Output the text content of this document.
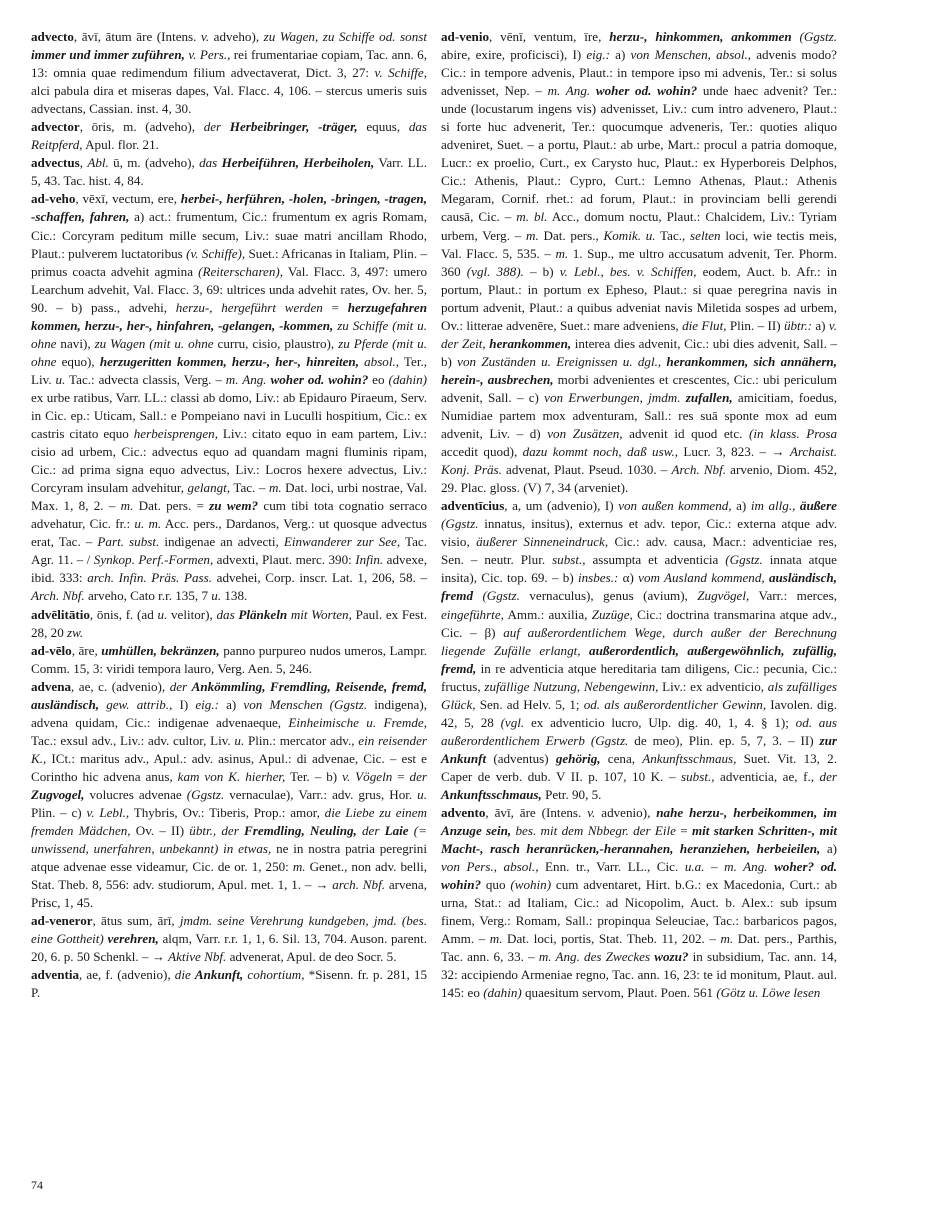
advecto, āvī, ātum āre (Intens. v. adveho), zu Wagen, zu Schiffe od. sonst immer und immer zuführen, v. Pers., rei frumentariae copiam, Tac. ann. 6, 13: omnia quae redimendum filium advectaverat, Dict. 3, 27: v. Schiffe, alci pabula dira et miseras dapes, Val. Flacc. 4, 106. – stercus umeris suis advectans, Cassian. inst. 4, 30.

advector, ōris, m. (adveho), der Herbeibringer, -träger, equus, das Reitpferd, Apul. flor. 21.

advectus, Abl. ū, m. (adveho), das Herbeiführen, Herbeiholen, Varr. LL. 5, 43. Tac. hist. 4, 84.

ad-veho, vēxī, vectum, ere, herbei-, herführen, -holen, -bringen, -tragen, -schaffen, fahren, a) act.: frumentum, Cic.: frumentum ex agris Romam, Cic.: Corcyram peditum mille secum, Liv.: suae matri ancillam Rhodo, Plaut.: pulverem luctatoribus (v. Schiffe), Suet.: Africanas in Italiam, Plin. – primus coacta advehit agmina (Reiterscharen), Val. Flacc. 3, 497: umero Learchum advehit, Val. Flacc. 3, 69: ultrices unda advehit rates, Ov. her. 5, 90. – b) pass., advehi, herzu-, hergeführt werden = herzugefahren kommen, herzu-, her-, hinfahren, -gelangen, -kommen, zu Schiffe (mit u. ohne navi), zu Wagen (mit u. ohne curru, cisio, plaustro), zu Pferde (mit u. ohne equo), herzugeritten kommen, herzu-, her-, hinreiten, absol., Ter., Liv. u. Tac.: advecta classis, Verg. – m. Ang. woher od. wohin? eo (dahin) ex urbe ratibus, Varr. LL.: classi ab domo, Liv.: ab Epidauro Piraeum, Serv. in Cic. ep.: Uticam, Sall.: e Pompeiano navi in Luculli hospitium, Cic.: ex castris citato equo herbeisprengen, Liv.: citato equo in eam partem, Liv.: cisio ad urbem, Cic.: advectus equo ad quandam magni fluminis ripam, Cic.: ad prima signa equo advectus, Liv.: Locros hexere advectus, Liv.: Corcyram insulam advehitur, gelangt, Tac. – m. Dat. loci, urbi nostrae, Val. Max. 1, 8, 2. – m. Dat. pers. = zu wem? cum tibi tota cognatio serraco advehatur, Cic. fr.: u. m. Acc. pers., Dardanos, Verg.: ut quosque advectus erat, Tac. – Part. subst. indigenae an advecti, Einwanderer zur See, Tac. Agr. 11. – / Synkop. Perf.-Formen, advexti, Plaut. merc. 390: Infin. advexe, ibid. 333: arch. Infin. Präs. Pass. advehei, Corp. inscr. Lat. 1, 206, 58. – Arch. Nbf. arveho, Cato r.r. 135, 7 u. 138.

advēlitātio, ōnis, f. (ad u. velitor), das Plänkeln mit Worten, Paul. ex Fest. 28, 20 zw.

ad-vēlo, āre, umhüllen, bekränzen, panno purpureo nudos umeros, Lampr. Comm. 15, 3: viridi tempora lauro, Verg. Aen. 5, 246.

advena, ae, c. (advenio), der Ankömmling, Fremdling, Reisende, fremd, ausländisch, gew. attrib., I) eig.: a) von Menschen (Ggstz. indigena), advena quidam, Cic.: indigenae advenaeque, Einheimische u. Fremde, Tac.: exsul adv., Liv.: adv. cultor, Liv. u. Plin.: mercator adv., ein reisender K., ICt.: maritus adv., Apul.: adv. asinus, Apul.: di advenae, Cic. – est e Corintho hic advena anus, kam von K. hierher, Ter. – b) v. Vögeln = der Zugvogel, volucres advenae (Ggstz. vernaculae), Varr.: adv. grus, Hor. u. Plin. – c) v. Lebl., Thybris, Ov.: Tiberis, Prop.: amor, die Liebe zu einem fremden Mädchen, Ov. – II) übtr., der Fremdling, Neuling, der Laie (= unwissend, unerfahren, unbekannt) in etwas, ne in nostra patria peregrini atque advenae esse videamur, Cic. de or. 1, 250: m. Genet., non adv. belli, Stat. Theb. 8, 556: adv. studiorum, Apul. met. 1, 1. – → arch. Nbf. arvena, Prisc, 1, 45.

ad-veneror, ātus sum, ārī, jmdm. seine Verehrung kundgeben, jmd. (bes. eine Gottheit) verehren, alqm, Varr. r.r. 1, 1, 6. Sil. 13, 704. Auson. parent. 20, 6. p. 50 Schenkl. – → Aktive Nbf. advenerat, Apul. de deo Socr. 5.

adventia, ae, f. (advenio), die Ankunft, cohortium, *Sisenn. fr. p. 281, 15 P.

ad-venio, vēnī, ventum, īre, herzu-, hinkommen, ankommen (Ggstz. abire, exire, proficisci), I) eig.: a) von Menschen, absol., advenis modo? Cic.: in tempore advenis, Plaut.: in tempore ipso mi advenis, Ter.: si solus advenisset, Nep. – m. Ang. woher od. wohin? unde haec advenit? Ter.: unde (locustarum ingens vis) advenisset, Liv.: cum intro advenero, Plaut.: si forte huc advenerit, Ter.: quocumque adveneris, Ter.: quoties aliquo adveniret, Suet. – a portu, Plaut.: ab urbe, Mart.: procul a patria domoque, Lucr.: ex proelio, Curt., ex Carysto huc, Plaut.: ex Hyperboreis Delphos, Cic.: Athenis, Plaut.: Cypro, Curt.: Lemno Athenas, Plaut.: Athenis Megaram, Cornif. rhet.: ad forum, Plaut.: in provinciam belli gerendi causā, Cic. – m. bl. Acc., domum noctu, Plaut.: Chalcidem, Liv.: Tyriam urbem, Verg. – m. Dat. pers., Komik. u. Tac., selten loci, wie tectis meis, Val. Flacc. 5, 535. – m. 1. Sup., me ultro accusatum advenit, Ter. Phorm. 360 (vgl. 388). – b) v. Lebl., bes. v. Schiffen, eodem, Auct. b. Afr.: in portum, Plaut.: in portum ex Epheso, Plaut.: si quae peregrina navis in portum advenit, Plaut.: a quibus adveniat navis Miletida sospes ad urbem, Ov.: litterae advenēre, Suet.: mare adveniens, die Flut, Plin. – II) übtr.: a) v. der Zeit, herankommen, interea dies advenit, Cic.: ubi dies advenit, Sall. – b) von Zuständen u. Ereignissen u. dgl., herankommen, sich annähern, herein-, ausbrechen, morbi advenientes et crescentes, Cic.: ubi periculum advenit, Sall. – c) von Erwerbungen, jmdm. zufallen, amicitiam, foedus, Numidiae partem mox adventuram, Sall.: res suā sponte mox ad eum advenit, Liv. – d) von Zusätzen, advenit id quod etc. (in klass. Prosa accedit quod), dazu kommt noch, daß usw., Lucr. 3, 823. – → Archaist. Konj. Präs. advenat, Plaut. Pseud. 1030. – Arch. Nbf. arvenio, Diom. 452, 29. Plac. gloss. (V) 7, 34 (arveniet).

adventīcius, a, um (advenio), I) von außen kommend, a) im allg., äußere (Ggstz. innatus, insitus), externus et adv. tepor, Cic.: externa atque adv. visio, äußerer Sinneneindruck, Cic.: adv. causa, Macr.: adventiciae res, Sen. – neutr. Plur. subst., assumpta et adventicia (Ggstz. innata atque insita), Cic. top. 69. – b) insbes.: α) vom Ausland kommend, ausländisch, fremd (Ggstz. vernaculus), genus (avium), Zugvögel, Varr.: merces, eingeführte, Amm.: auxilia, Zuzüge, Cic.: doctrina transmarina atque adv., Cic. – β) auf außerordentlichem Wege, durch außer der Berechnung liegende Zufälle erlangt, außerordentlich, außergewöhnlich, zufällig, fremd, in re adventicia atque hereditaria tam diligens, Cic.: pecunia, Cic.: fructus, zufällige Nutzung, Nebengewinn, Liv.: ex adventicio, als zufälliges Glück, Sen. ad Helv. 5, 1; od. als außerordentlicher Gewinn, Iavolen. dig. 42, 5, 28 (vgl. ex adventicio lucro, Ulp. dig. 40, 1, 4. § 1); od. aus außerordentlichem Erwerb (Ggstz. de meo), Plin. ep. 5, 7, 3. – II) zur Ankunft (adventus) gehörig, cena, Ankunftsschmaus, Suet. Vit. 13, 2. Caper de verb. dub. V II. p. 107, 10 K. – subst., adventicia, ae, f., der Ankunftsschmaus, Petr. 90, 5.

advento, āvī, āre (Intens. v. advenio), nahe herzu-, herbeikommen, im Anzuge sein, bes. mit dem Nbbegr. der Eile = mit starken Schritten-, mit Macht-, rasch heranrücken,-herannahen, heranziehen, herbeieilen, a) von Pers., absol., Enn. tr., Varr. LL., Cic. u.a. – m. Ang. woher? od. wohin? quo (wohin) cum adventaret, Hirt. b.G.: ex Macedonia, Curt.: ab urna, Stat.: ad Italiam, Cic.: ad Nicopolim, Auct. b. Alex.: sub ipsum finem, Verg.: Romam, Sall.: propinqua Seleuciae, Tac.: barbaricos pagos, Amm. – m. Dat. loci, portis, Stat. Theb. 11, 202. – m. Dat. pers., Parthis, Tac. ann. 6, 33. – m. Ang. des Zweckes wozu? in subsidium, Tac. ann. 14, 32: accipiendo Armeniae regno, Tac. ann. 16, 23: te id monitum, Plaut. aul. 145: eo (dahin) quaesitum servom, Plaut. Poen. 561 (Götz u. Löwe lesen

74
